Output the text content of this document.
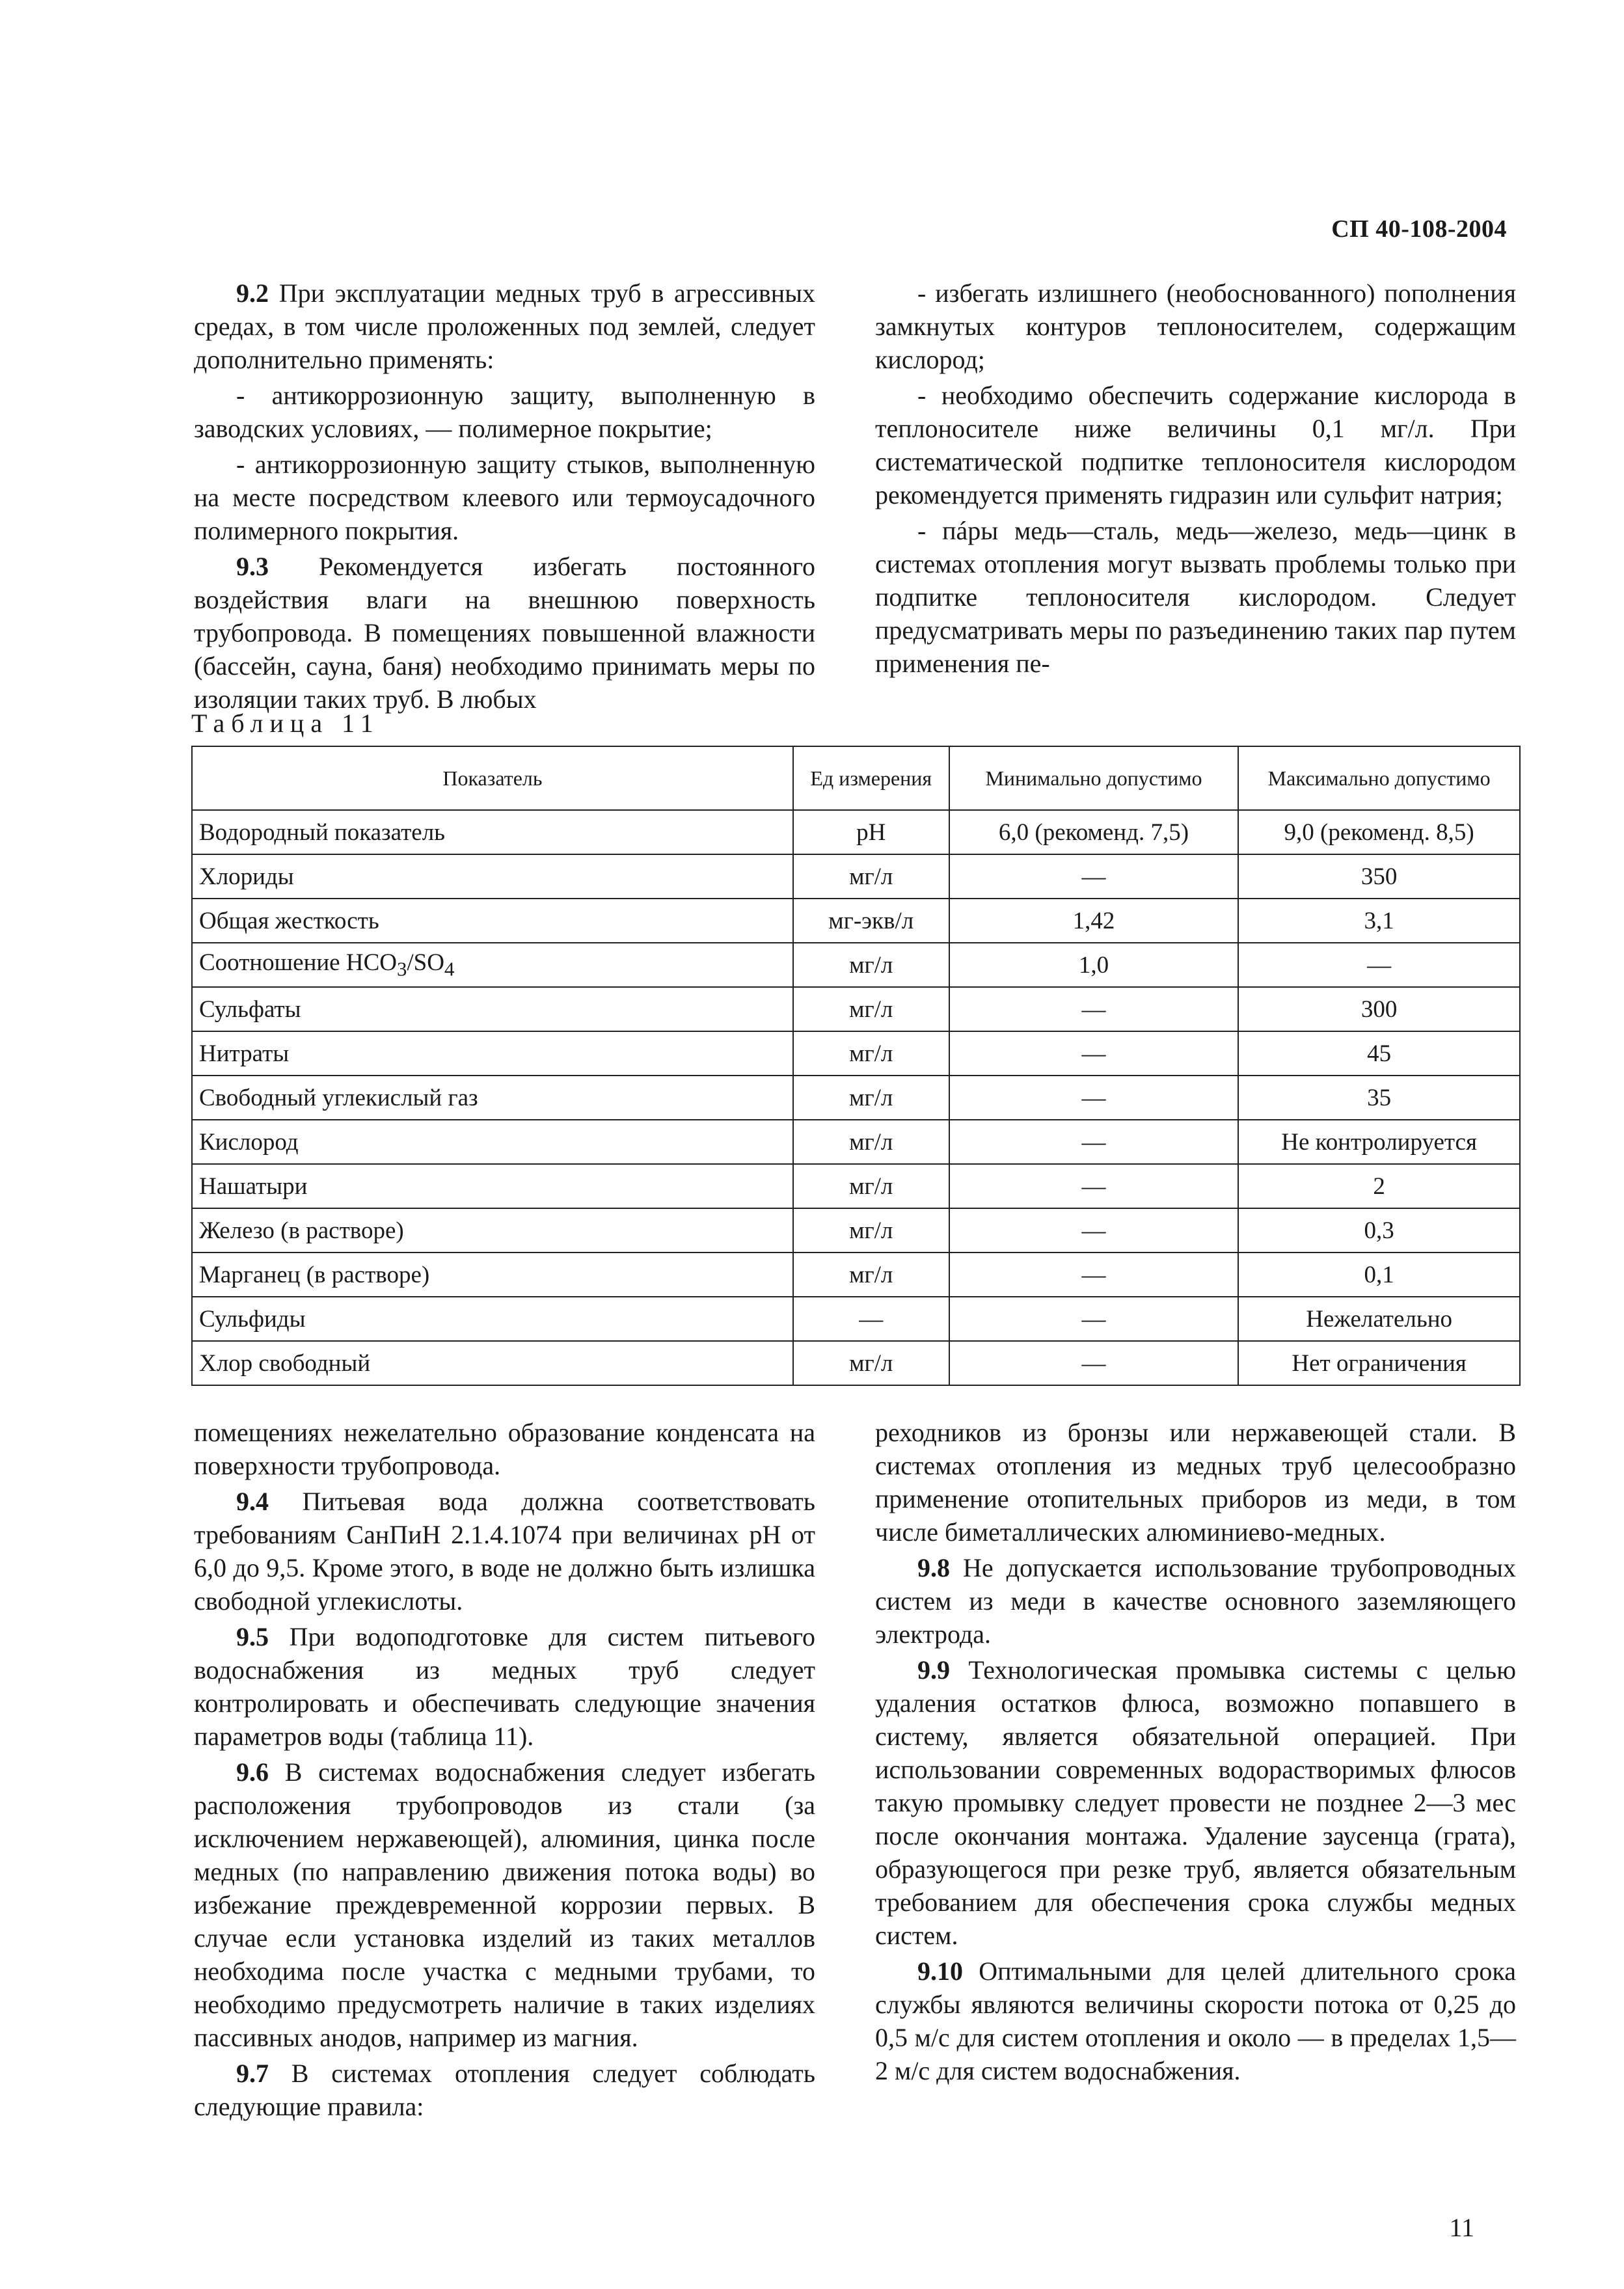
СП 40-108-2004

9.2 При эксплуатации медных труб в агрессивных средах, в том числе проложенных под землей, следует дополнительно применять:

- антикоррозионную защиту, выполненную в заводских условиях, — полимерное покрытие;

- антикоррозионную защиту стыков, выполненную на месте посредством клеевого или термоусадочного полимерного покрытия.

9.3 Рекомендуется избегать постоянного воздействия влаги на внешнюю поверхность трубопровода. В помещениях повышенной влажности (бассейн, сауна, баня) необходимо принимать меры по изоляции таких труб. В любых

- избегать излишнего (необоснованного) пополнения замкнутых контуров теплоносителем, содержащим кислород;

- необходимо обеспечить содержание кислорода в теплоносителе ниже величины 0,1 мг/л. При систематической подпитке теплоносителя кислородом рекомендуется применять гидразин или сульфит натрия;

- пáры медь—сталь, медь—железо, медь—цинк в системах отопления могут вызвать проблемы только при подпитке теплоносителя кислородом. Следует предусматривать меры по разъединению таких пар путем применения пе-

Таблица 11
Показатель	Ед измерения	Минимально допустимо	Максимально допустимо
Водородный показатель	рН	6,0 (рекоменд. 7,5)	9,0 (рекоменд. 8,5)
Хлориды	мг/л	—	350
Общая жесткость	мг-экв/л	1,42	3,1
Соотношение $НСО_3/SO_4$	мг/л	1,0	—
Сульфаты	мг/л	—	300
Нитраты	мг/л	—	45
Свободный углекислый газ	мг/л	—	35
Кислород	мг/л	—	Не контролируется
Нашатыри	мг/л	—	2
Железо (в растворе)	мг/л	—	0,3
Марганец (в растворе)	мг/л	—	0,1
Сульфиды	—	—	Нежелательно
Хлор свободный	мг/л	—	Нет ограничения

помещениях нежелательно образование конденсата на поверхности трубопровода.

9.4 Питьевая вода должна соответствовать требованиям СанПиН 2.1.4.1074 при величинах рН от 6,0 до 9,5. Кроме этого, в воде не должно быть излишка свободной углекислоты.

9.5 При водоподготовке для систем питьевого водоснабжения из медных труб следует контролировать и обеспечивать следующие значения параметров воды (таблица 11).

9.6 В системах водоснабжения следует избегать расположения трубопроводов из стали (за исключением нержавеющей), алюминия, цинка после медных (по направлению движения потока воды) во избежание преждевременной коррозии первых. В случае если установка изделий из таких металлов необходима после участка с медными трубами, то необходимо предусмотреть наличие в таких изделиях пассивных анодов, например из магния.

9.7 В системах отопления следует соблюдать следующие правила:

реходников из бронзы или нержавеющей стали. В системах отопления из медных труб целесообразно применение отопительных приборов из меди, в том числе биметаллических алюминиево-медных.

9.8 Не допускается использование трубопроводных систем из меди в качестве основного заземляющего электрода.

9.9 Технологическая промывка системы с целью удаления остатков флюса, возможно попавшего в систему, является обязательной операцией. При использовании современных водорастворимых флюсов такую промывку следует провести не позднее 2—3 мес после окончания монтажа. Удаление заусенца (грата), образующегося при резке труб, является обязательным требованием для обеспечения срока службы медных систем.

9.10 Оптимальными для целей длительного срока службы являются величины скорости потока от 0,25 до 0,5 м/с для систем отопления и около — в пределах 1,5—2 м/с для систем водоснабжения.

11
